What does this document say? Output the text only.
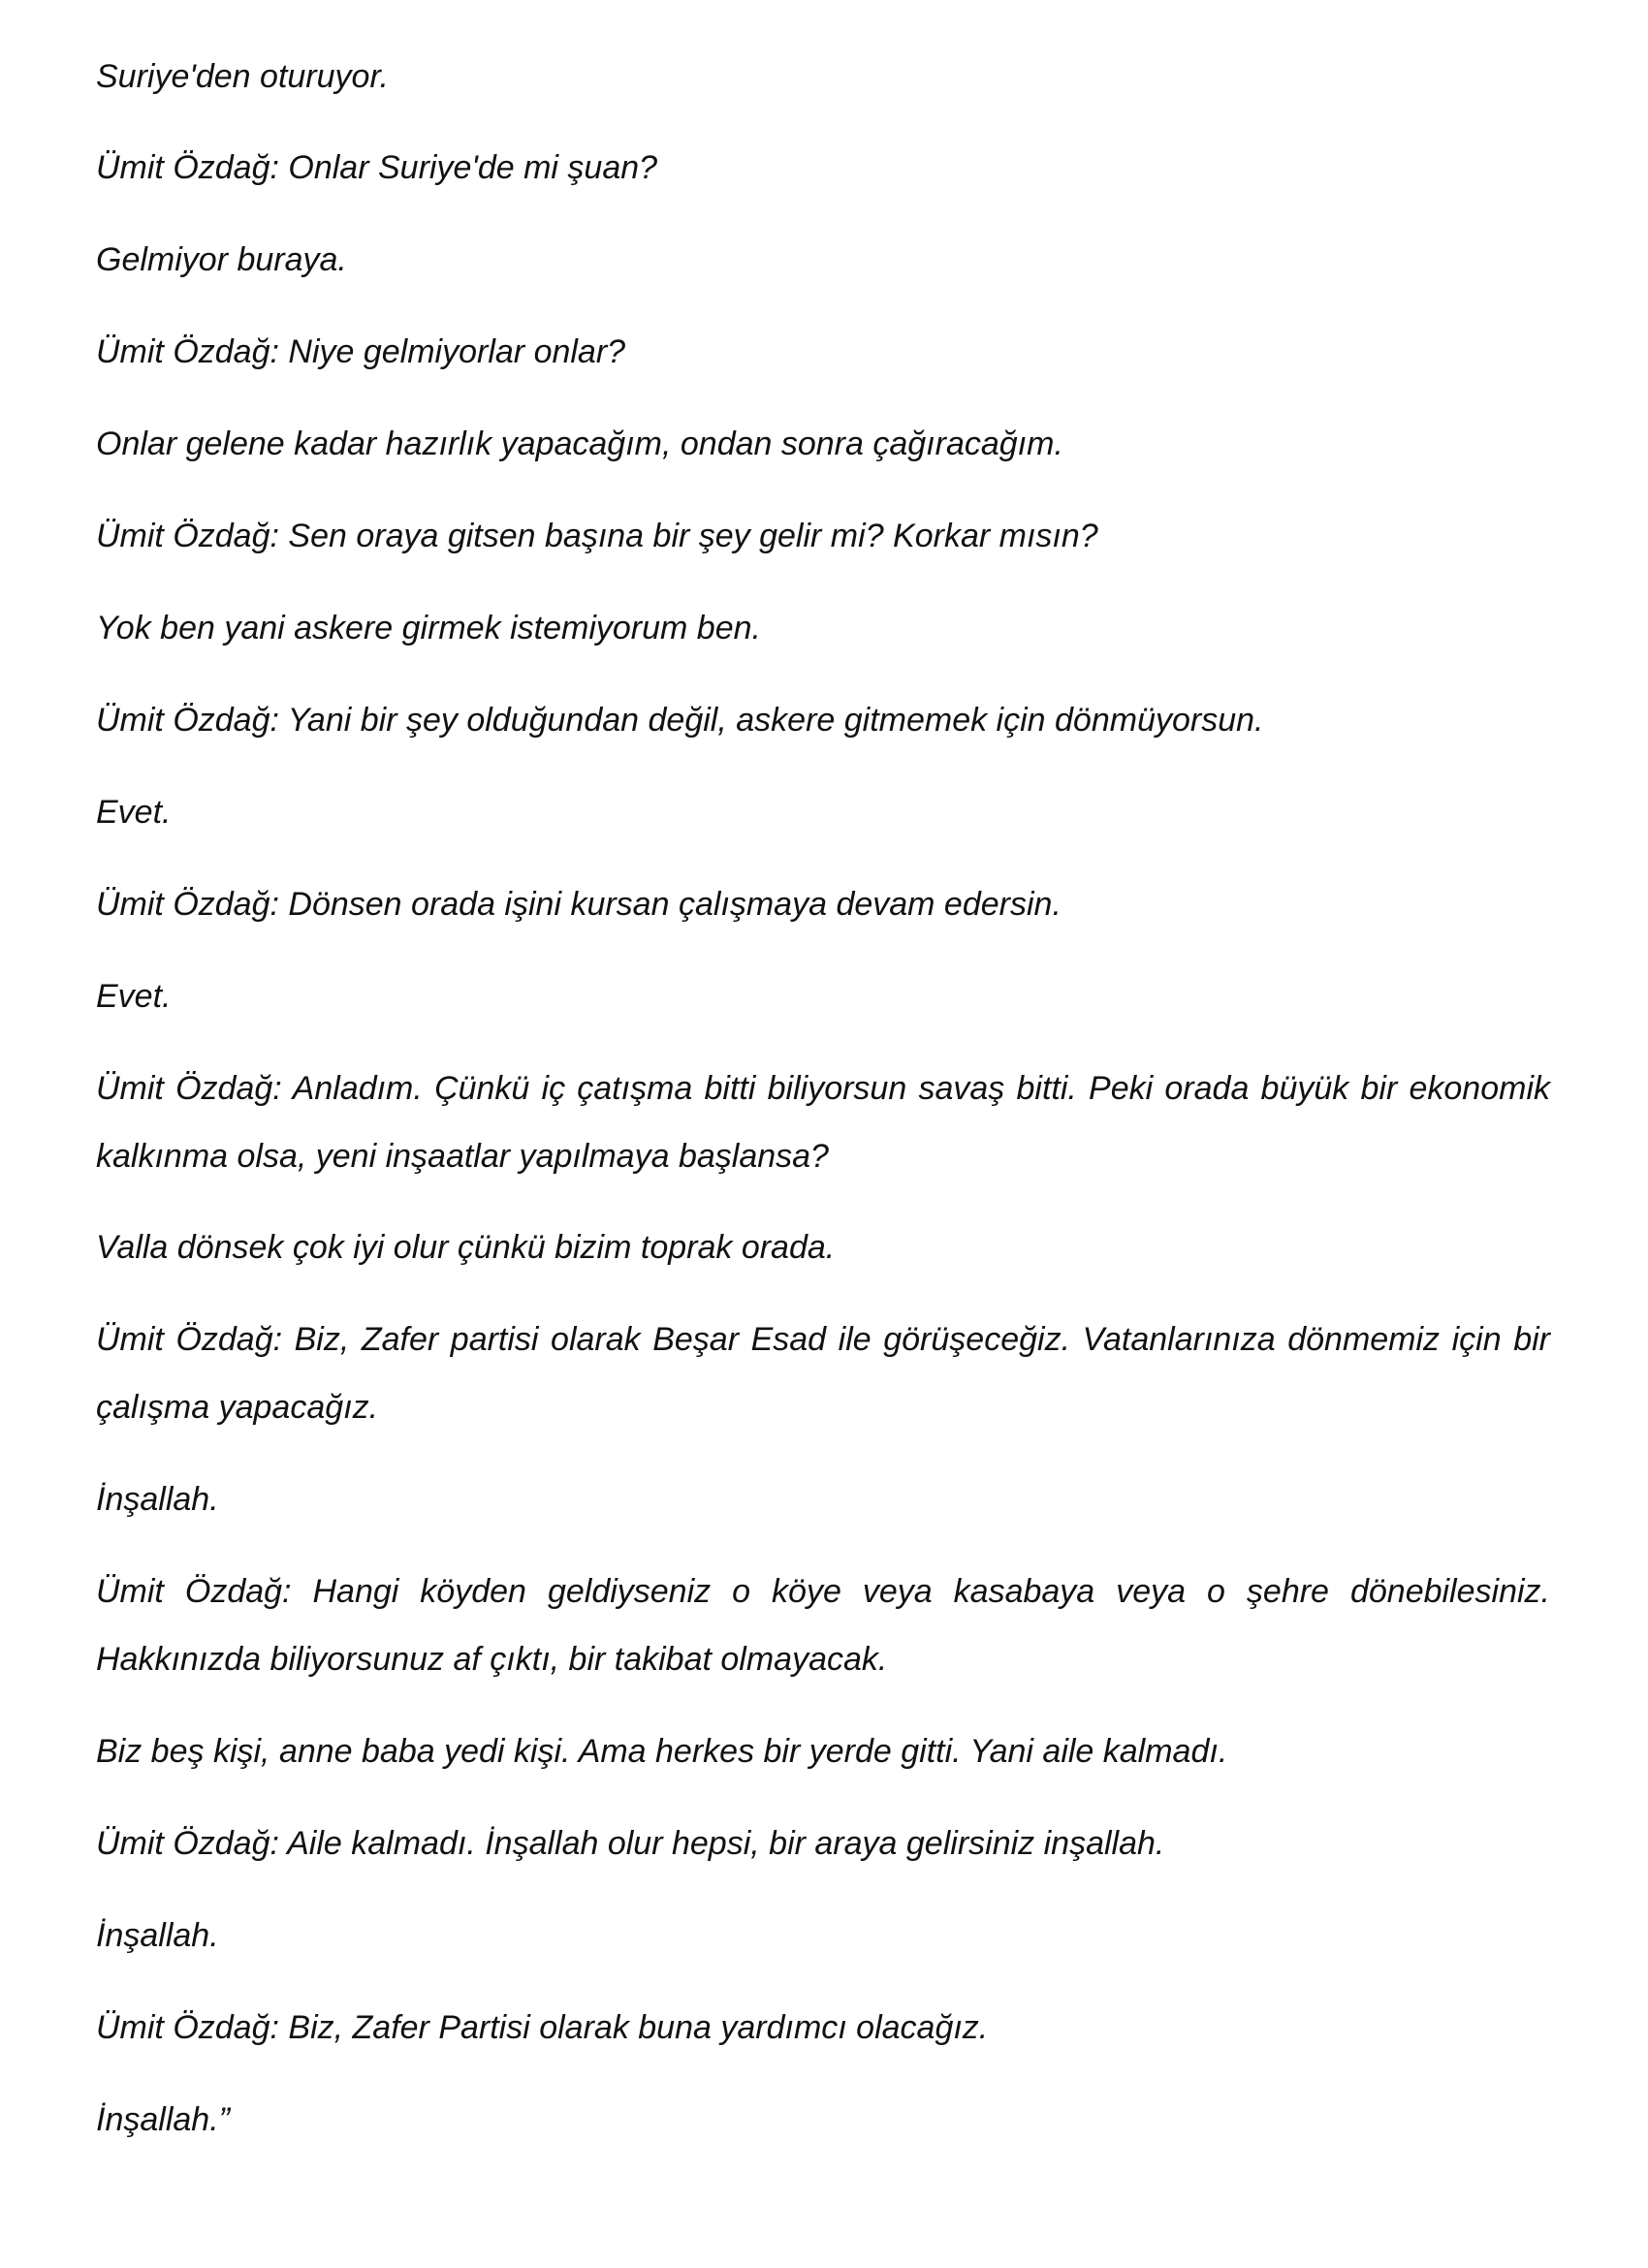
Suriye'den oturuyor.

Ümit Özdağ: Onlar Suriye'de mi şuan?

Gelmiyor buraya.

Ümit Özdağ: Niye gelmiyorlar onlar?

Onlar gelene kadar hazırlık yapacağım, ondan sonra çağıracağım.

Ümit Özdağ: Sen oraya gitsen başına bir şey gelir mi? Korkar mısın?

Yok ben yani askere girmek istemiyorum ben.

Ümit Özdağ: Yani bir şey olduğundan değil, askere gitmemek için dönmüyorsun.

Evet.

Ümit Özdağ: Dönsen orada işini kursan çalışmaya devam edersin.

Evet.

Ümit Özdağ: Anladım. Çünkü iç çatışma bitti biliyorsun savaş bitti. Peki orada büyük bir ekonomik kalkınma olsa, yeni inşaatlar yapılmaya başlansa?

Valla dönsek çok iyi olur çünkü bizim toprak orada.

Ümit Özdağ: Biz, Zafer partisi olarak Beşar Esad ile görüşeceğiz. Vatanlarınıza dönmemiz için bir çalışma yapacağız.

İnşallah.

Ümit Özdağ: Hangi köyden geldiyseniz o köye veya kasabaya veya o şehre dönebilesiniz. Hakkınızda biliyorsunuz af çıktı, bir takibat olmayacak.

Biz beş kişi, anne baba yedi kişi. Ama herkes bir yerde gitti. Yani aile kalmadı.

Ümit Özdağ: Aile kalmadı. İnşallah olur hepsi, bir araya gelirsiniz inşallah.

İnşallah.

Ümit Özdağ: Biz, Zafer Partisi olarak buna yardımcı olacağız.

İnşallah.”
